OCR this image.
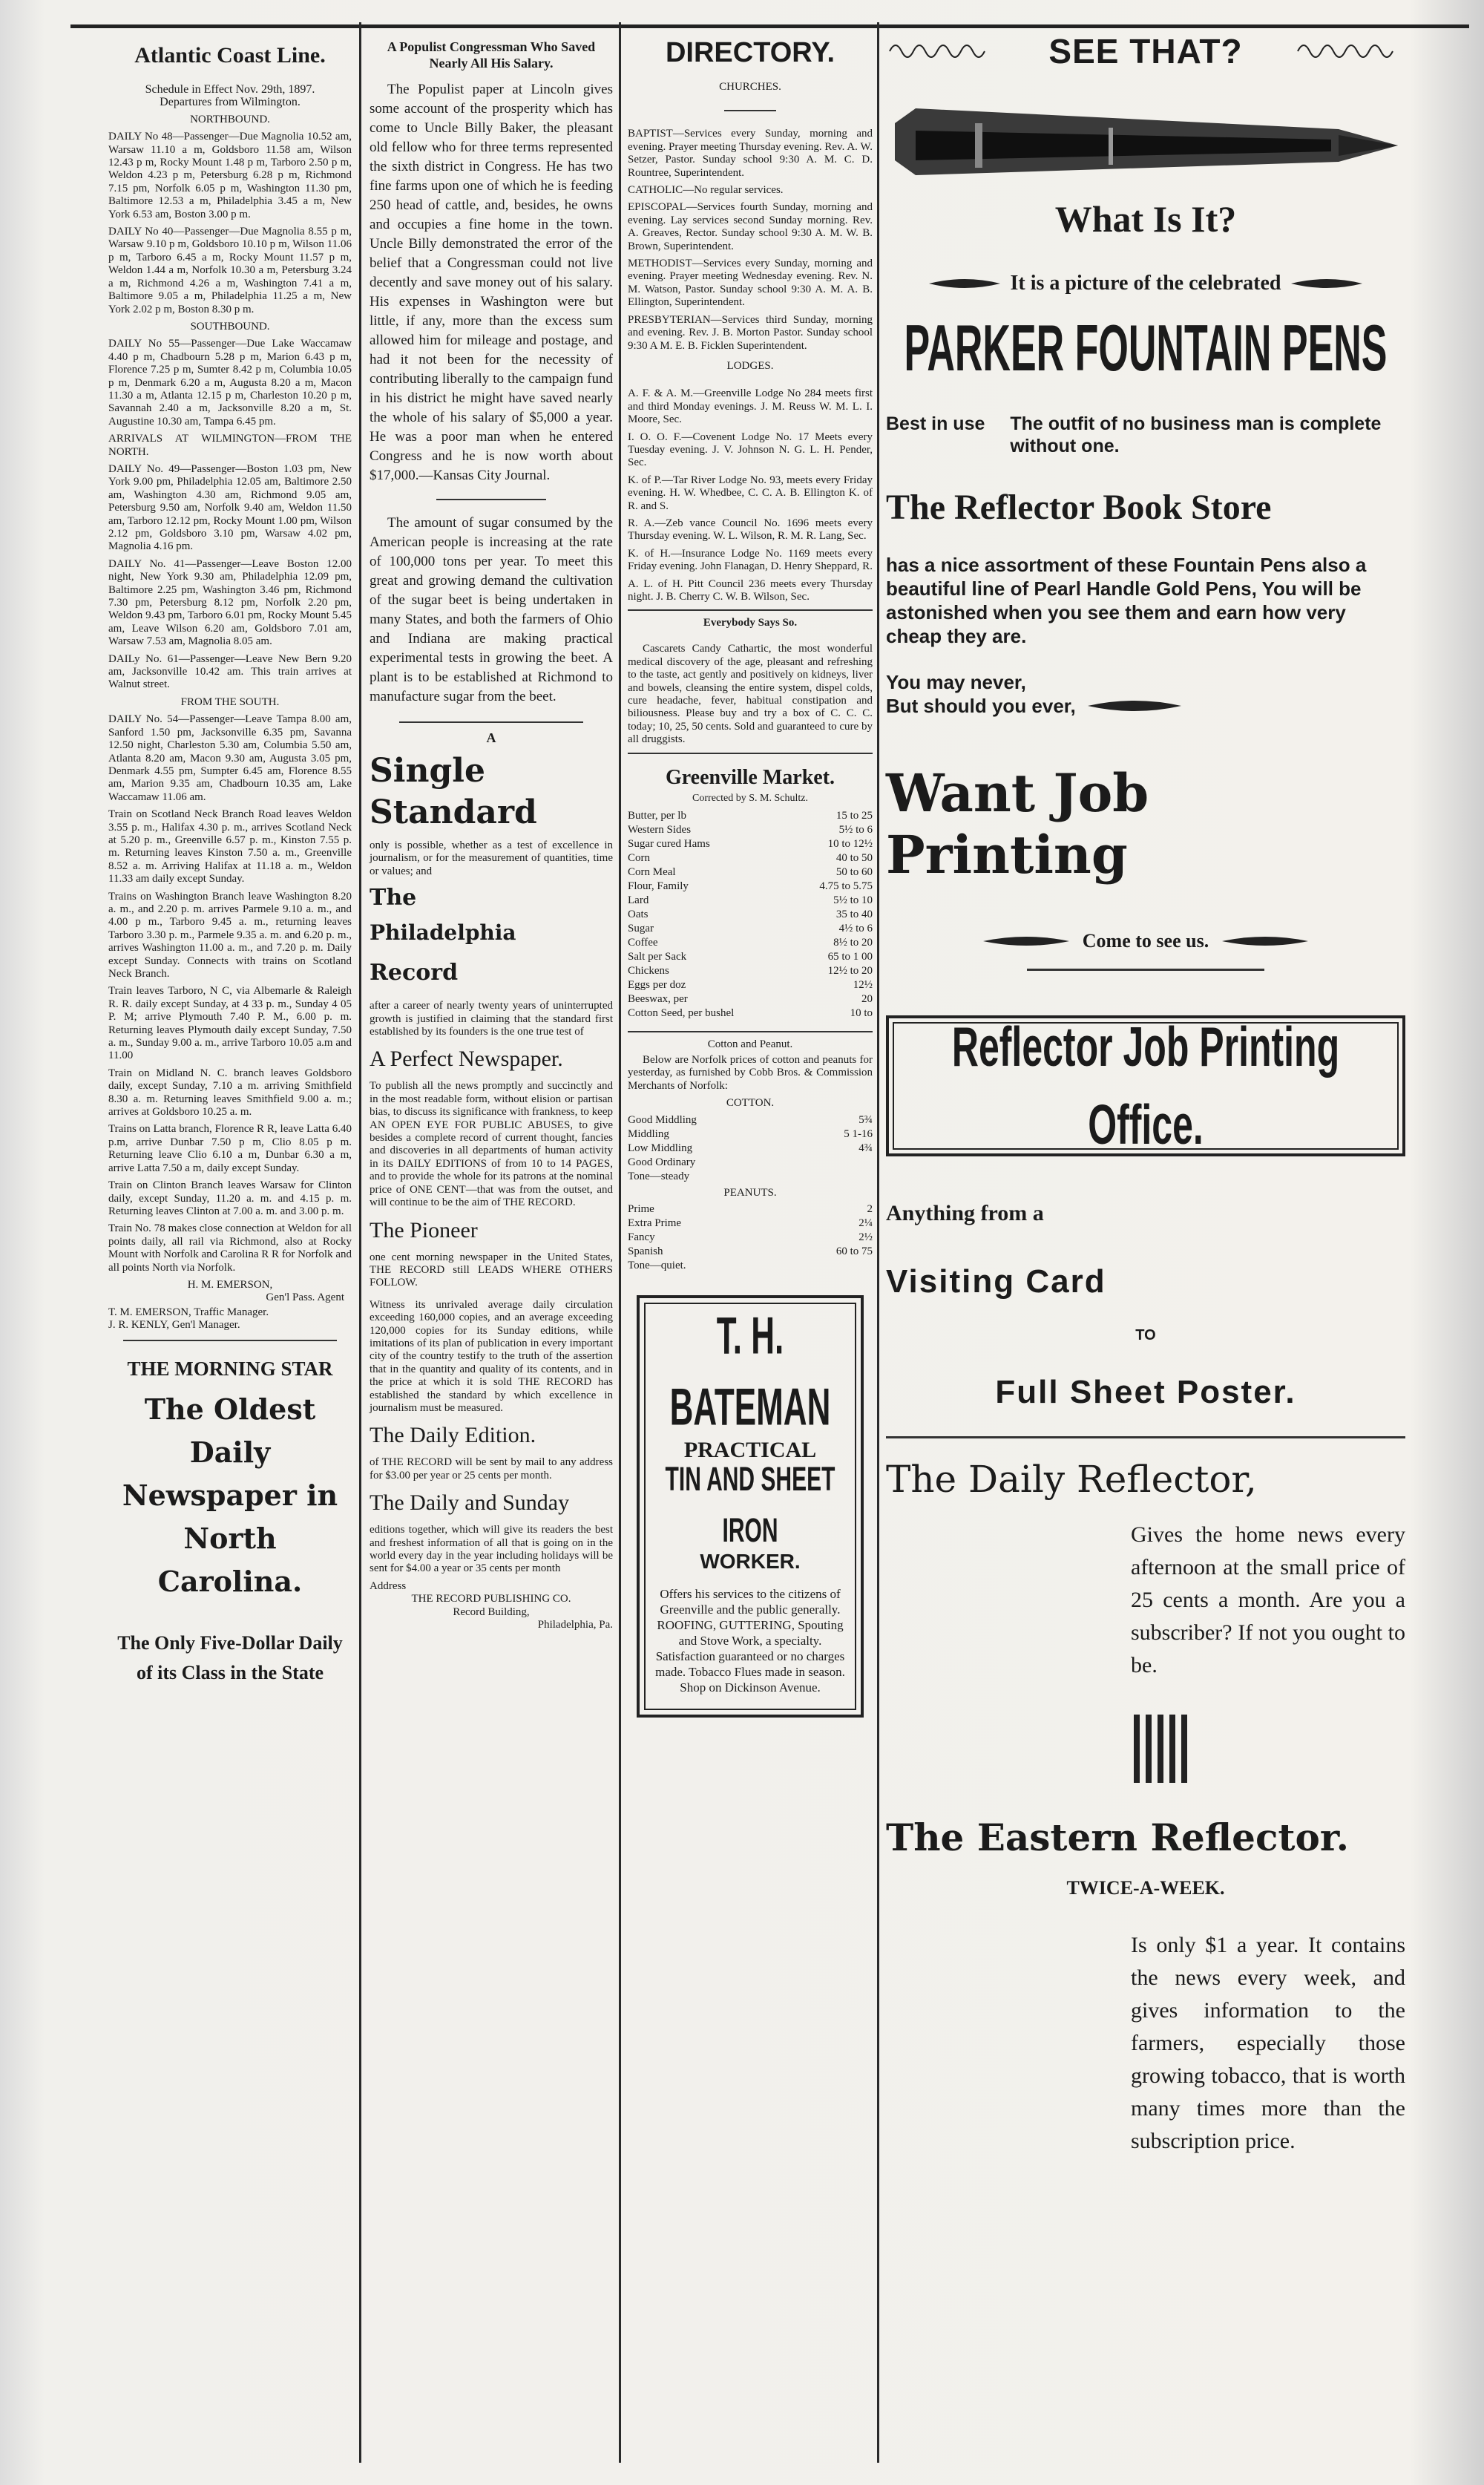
Atlantic Coast Line.

Schedule in Effect Nov. 29th, 1897.
Departures from Wilmington.

NORTHBOUND.

DAILY No 48—Passenger—Due Magnolia 10.52 am, Warsaw 11.10 a m, Goldsboro 11.58 am, Wilson 12.43 p m, Rocky Mount 1.48 p m, Tarboro 2.50 p m, Weldon 4.23 p m, Petersburg 6.28 p m, Richmond 7.15 pm, Norfolk 6.05 p m, Washington 11.30 pm, Baltimore 12.53 a m, Philadelphia 3.45 a m, New York 6.53 am, Boston 3.00 p m.

DAILY No 40—Passenger—Due Magnolia 8.55 p m, Warsaw 9.10 p m, Goldsboro 10.10 p m, Wilson 11.06 p m, Tarboro 6.45 a m, Rocky Mount 11.57 p m, Weldon 1.44 a m, Norfolk 10.30 a m, Petersburg 3.24 a m, Richmond 4.26 a m, Washington 7.41 a m, Baltimore 9.05 a m, Philadelphia 11.25 a m, New York 2.02 p m, Boston 8.30 p m.

SOUTHBOUND.

DAILY No 55—Passenger—Due Lake Waccamaw 4.40 p m, Chadbourn 5.28 p m, Marion 6.43 p m, Florence 7.25 p m, Sumter 8.42 p m, Columbia 10.05 p m, Denmark 6.20 a m, Augusta 8.20 a m, Macon 11.30 a m, Atlanta 12.15 p m, Charleston 10.20 p m, Savannah 2.40 a m, Jacksonville 8.20 a m, St. Augustine 10.30 am, Tampa 6.45 pm.

ARRIVALS AT WILMINGTON—FROM THE NORTH.

DAILY No. 49—Passenger—Boston 1.03 pm, New York 9.00 pm, Philadelphia 12.05 am, Baltimore 2.50 am, Washington 4.30 am, Richmond 9.05 am, Petersburg 9.50 am, Norfolk 9.40 am, Weldon 11.50 am, Tarboro 12.12 pm, Rocky Mount 1.00 pm, Wilson 2.12 pm, Goldsboro 3.10 pm, Warsaw 4.02 pm, Magnolia 4.16 pm.

DAILY No. 41—Passenger—Leave Boston 12.00 night, New York 9.30 am, Philadelphia 12.09 pm, Baltimore 2.25 pm, Washington 3.46 pm, Richmond 7.30 pm, Petersburg 8.12 pm, Norfolk 2.20 pm, Weldon 9.43 pm, Tarboro 6.01 pm, Rocky Mount 5.45 am, Leave Wilson 6.20 am, Goldsboro 7.01 am, Warsaw 7.53 am, Magnolia 8.05 am.

DAILy No. 61—Passenger—Leave New Bern 9.20 am, Jacksonville 10.42 am. This train arrives at Walnut street.

FROM THE SOUTH.

DAILY No. 54—Passenger—Leave Tampa 8.00 am, Sanford 1.50 pm, Jacksonville 6.35 pm, Savanna 12.50 night, Charleston 5.30 am, Columbia 5.50 am, Atlanta 8.20 am, Macon 9.30 am, Augusta 3.05 pm, Denmark 4.55 pm, Sumpter 6.45 am, Florence 8.55 am, Marion 9.35 am, Chadbourn 10.35 am, Lake Waccamaw 11.06 am.

Train on Scotland Neck Branch Road leaves Weldon 3.55 p. m., Halifax 4.30 p. m., arrives Scotland Neck at 5.20 p. m., Greenville 6.57 p. m., Kinston 7.55 p. m. Returning leaves Kinston 7.50 a. m., Greenville 8.52 a. m. Arriving Halifax at 11.18 a. m., Weldon 11.33 am daily except Sunday.

Trains on Washington Branch leave Washington 8.20 a. m., and 2.20 p. m. arrives Parmele 9.10 a. m., and 4.00 p m., Tarboro 9.45 a. m., returning leaves Tarboro 3.30 p. m., Parmele 9.35 a. m. and 6.20 p. m., arrives Washington 11.00 a. m., and 7.20 p. m. Daily except Sunday. Connects with trains on Scotland Neck Branch.

Train leaves Tarboro, N C, via Albemarle & Raleigh R. R. daily except Sunday, at 4 33 p. m., Sunday 4 05 P. M; arrive Plymouth 7.40 P. M., 6.00 p. m. Returning leaves Plymouth daily except Sunday, 7.50 a. m., Sunday 9.00 a. m., arrive Tarboro 10.05 a.m and 11.00

Train on Midland N. C. branch leaves Goldsboro daily, except Sunday, 7.10 a m. arriving Smithfield 8.30 a. m. Returning leaves Smithfield 9.00 a. m.; arrives at Goldsboro 10.25 a. m.

Trains on Latta branch, Florence R R, leave Latta 6.40 p.m, arrive Dunbar 7.50 p m, Clio 8.05 p m. Returning leave Clio 6.10 a m, Dunbar 6.30 a m, arrive Latta 7.50 a m, daily except Sunday.

Train on Clinton Branch leaves Warsaw for Clinton daily, except Sunday, 11.20 a. m. and 4.15 p. m. Returning leaves Clinton at 7.00 a. m. and 3.00 p. m.

Train No. 78 makes close connection at Weldon for all points daily, all rail via Richmond, also at Rocky Mount with Norfolk and Carolina R R for Norfolk and all points North via Norfolk.

H. M. EMERSON,
Gen'l Pass. Agent
T. M. EMERSON, Traffic Manager.
J. R. KENLY, Gen'l Manager.
THE MORNING STAR
The Oldest Daily Newspaper in North Carolina.
The Only Five-Dollar Daily of its Class in the State
A Populist Congressman Who Saved Nearly All His Salary.

The Populist paper at Lincoln gives some account of the prosperity which has come to Uncle Billy Baker, the pleasant old fellow who for three terms represented the sixth district in Congress. He has two fine farms upon one of which he is feeding 250 head of cattle, and, besides, he owns and occupies a fine home in the town. Uncle Billy demonstrated the error of the belief that a Congressman could not live decently and save money out of his salary. His expenses in Washington were but little, if any, more than the excess sum allowed him for mileage and postage, and had it not been for the necessity of contributing liberally to the campaign fund in his district he might have saved nearly the whole of his salary of $5,000 a year. He was a poor man when he entered Congress and he is now worth about $17,000.—Kansas City Journal.

The amount of sugar consumed by the American people is increasing at the rate of 100,000 tons per year. To meet this great and growing demand the cultivation of the sugar beet is being undertaken in many States, and both the farmers of Ohio and Indiana are making practical experimental tests in growing the beet. A plant is to be established at Richmond to manufacture sugar from the beet.

A
Single
Standard

only is possible, whether as a test of excellence in journalism, or for the measurement of quantities, time or values; and

The
Philadelphia
Record

after a career of nearly twenty years of uninterrupted growth is justified in claiming that the standard first established by its founders is the one true test of

A Perfect Newspaper.

To publish all the news promptly and succinctly and in the most readable form, without elision or partisan bias, to discuss its significance with frankness, to keep AN OPEN EYE FOR PUBLIC ABUSES, to give besides a complete record of current thought, fancies and discoveries in all departments of human activity in its DAILY EDITIONS of from 10 to 14 PAGES, and to provide the whole for its patrons at the nominal price of ONE CENT—that was from the outset, and will continue to be the aim of THE RECORD.

The Pioneer

one cent morning newspaper in the United States, THE RECORD still LEADS WHERE OTHERS FOLLOW.

Witness its unrivaled average daily circulation exceeding 160,000 copies, and an average exceeding 120,000 copies for its Sunday editions, while imitations of its plan of publication in every important city of the country testify to the truth of the assertion that in the quantity and quality of its contents, and in the price at which it is sold THE RECORD has established the standard by which excellence in journalism must be measured.

The Daily Edition.

of THE RECORD will be sent by mail to any address for $3.00 per year or 25 cents per month.

The Daily and Sunday

editions together, which will give its readers the best and freshest information of all that is going on in the world every day in the year including holidays will be sent for $4.00 a year or 35 cents per month

Address
THE RECORD PUBLISHING CO.
Record Building,
Philadelphia, Pa.
DIRECTORY.
CHURCHES.

BAPTIST—Services every Sunday, morning and evening. Prayer meeting Thursday evening. Rev. A. W. Setzer, Pastor. Sunday school 9:30 A. M. C. D. Rountree, Superintendent.

CATHOLIC—No regular services.

EPISCOPAL—Services fourth Sunday, morning and evening. Lay services second Sunday morning. Rev. A. Greaves, Rector. Sunday school 9:30 A. M. W. B. Brown, Superintendent.

METHODIST—Services every Sunday, morning and evening. Prayer meeting Wednesday evening. Rev. N. M. Watson, Pastor. Sunday school 9:30 A. M. A. B. Ellington, Superintendent.

PRESBYTERIAN—Services third Sunday, morning and evening. Rev. J. B. Morton Pastor. Sunday school 9:30 A M. E. B. Ficklen Superintendent.

LODGES.

A. F. & A. M.—Greenville Lodge No 284 meets first and third Monday evenings. J. M. Reuss W. M. L. I. Moore, Sec.

I. O. O. F.—Covenent Lodge No. 17 Meets every Tuesday evening. J. V. Johnson N. G. L. H. Pender, Sec.

K. of P.—Tar River Lodge No. 93, meets every Friday evening. H. W. Whedbee, C. C. A. B. Ellington K. of R. and S.

R. A.—Zeb vance Council No. 1696 meets every Thursday evening. W. L. Wilson, R. M. R. Lang, Sec.

K. of H.—Insurance Lodge No. 1169 meets every Friday evening. John Flanagan, D. Henry Sheppard, R.

A. L. of H. Pitt Council 236 meets every Thursday night. J. B. Cherry C. W. B. Wilson, Sec.

Everybody Says So.

Cascarets Candy Cathartic, the most wonderful medical discovery of the age, pleasant and refreshing to the taste, act gently and positively on kidneys, liver and bowels, cleansing the entire system, dispel colds, cure headache, fever, habitual constipation and biliousness. Please buy and try a box of C. C. C. today; 10, 25, 50 cents. Sold and guaranteed to cure by all druggists.

Greenville Market.
Corrected by S. M. Schultz.
Butter, per lb	15 to 25
Western Sides	5½ to 6
Sugar cured Hams	10 to 12½
Corn	40 to 50
Corn Meal	50 to 60
Flour, Family	4.75 to 5.75
Lard	5½ to 10
Oats	35 to 40
Sugar	4½ to 6
Coffee	8½ to 20
Salt per Sack	65 to 1 00
Chickens	12½ to 20
Eggs per doz	12½
Beeswax, per	20
Cotton Seed, per bushel	10 to
Cotton and Peanut.

Below are Norfolk prices of cotton and peanuts for yesterday, as furnished by Cobb Bros. & Commission Merchants of Norfolk:

COTTON.
Good Middling	5¾
Middling	5 1-16
Low Middling	4¾
Good Ordinary
Tone—steady
PEANUTS.
Prime	2
Extra Prime	2¼
Fancy	2½
Spanish	60 to 75
Tone—quiet.
T. H. BATEMAN
PRACTICAL
TIN AND SHEET IRON
WORKER.

Offers his services to the citizens of Greenville and the public generally. ROOFING, GUTTERING, Spouting and Stove Work, a specialty. Satisfaction guaranteed or no charges made. Tobacco Flues made in season. Shop on Dickinson Avenue.

SEE THAT?
What Is It?
It is a picture of the celebrated
PARKER FOUNTAIN PENS
Best in use The outfit of no business man is complete without one.
The Reflector Book Store
has a nice assortment of these Fountain Pens also a beautiful line of Pearl Handle Gold Pens, You will be astonished when you see them and earn how very cheap they are.
You may never,
But should you ever,
Want Job Printing
Come to see us.
Reflector Job Printing Office.
Anything from a
Visiting Card
TO
Full Sheet Poster.
The Daily Reflector,
Gives the home news every afternoon at the small price of 25 cents a month. Are you a subscriber? If not you ought to be.
The Eastern Reflector.
TWICE-A-WEEK.
Is only $1 a year. It contains the news every week, and gives information to the farmers, especially those growing tobacco, that is worth many times more than the subscription price.
